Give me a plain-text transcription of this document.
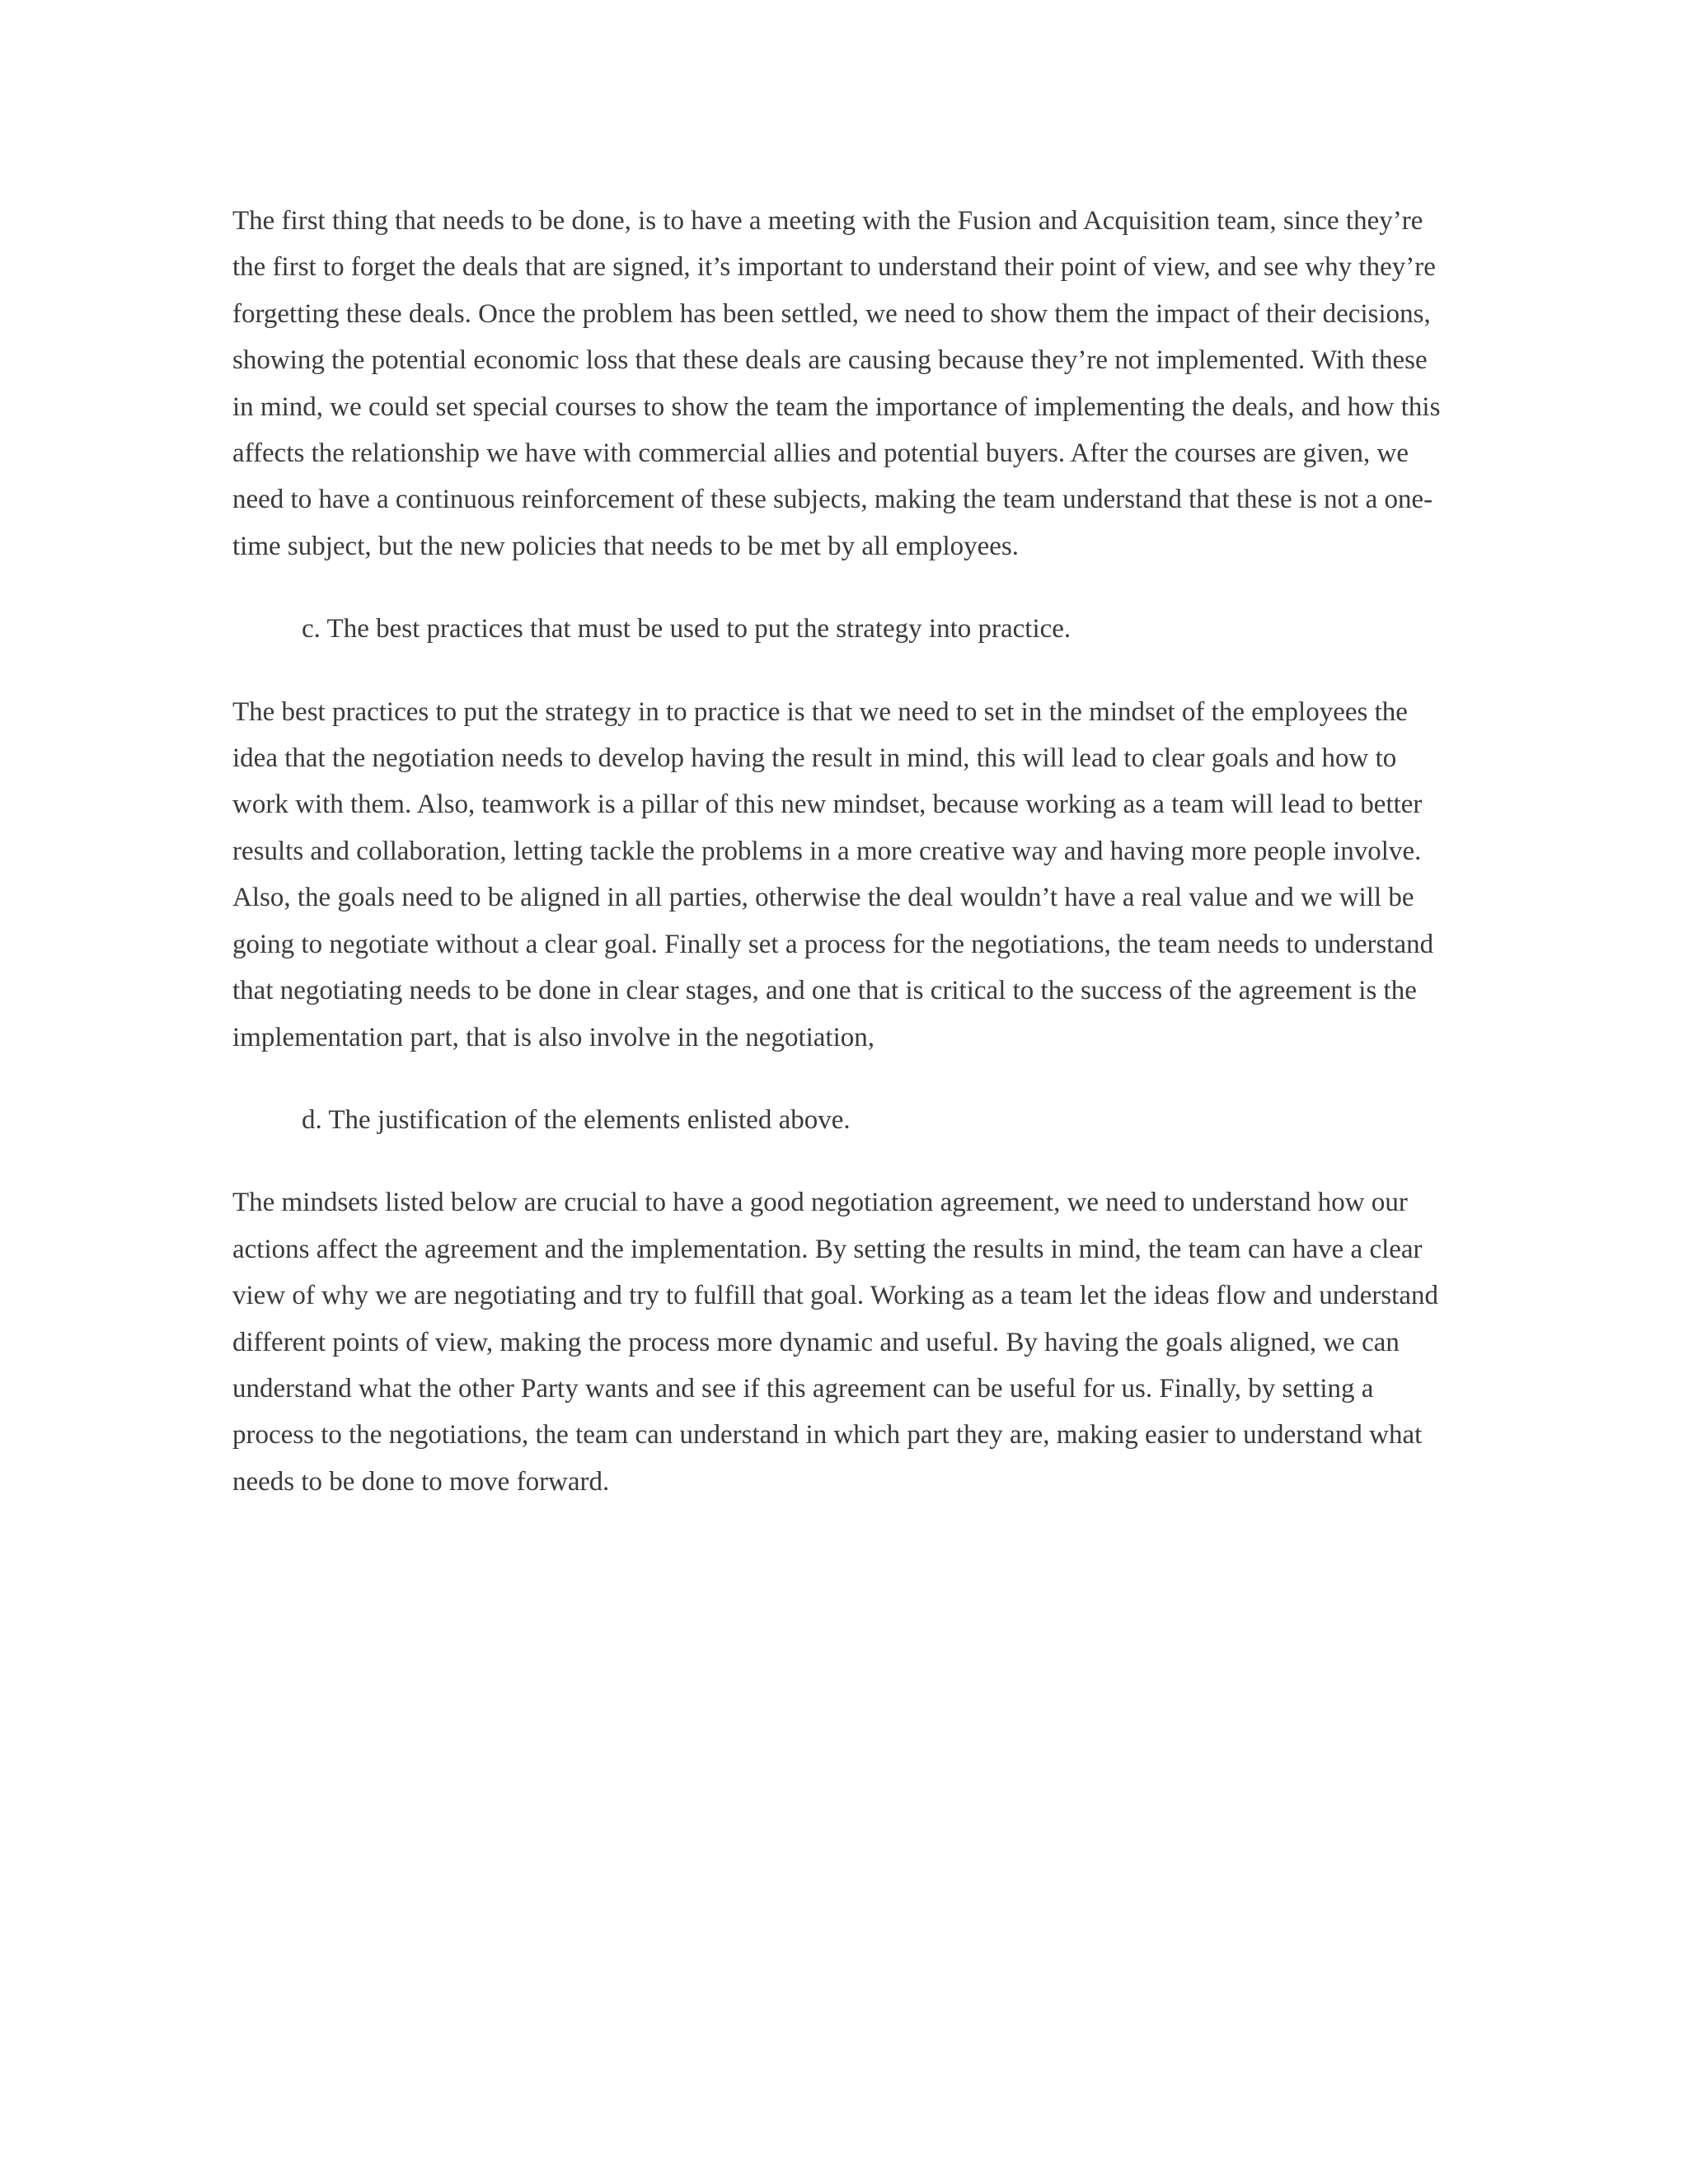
The first thing that needs to be done, is to have a meeting with the Fusion and Acquisition team, since they’re the first to forget the deals that are signed, it’s important to understand their point of view, and see why they’re forgetting these deals. Once the problem has been settled, we need to show them the impact of their decisions, showing the potential economic loss that these deals are causing because they’re not implemented. With these in mind, we could set special courses to show the team the importance of implementing the deals, and how this affects the relationship we have with commercial allies and potential buyers. After the courses are given, we need to have a continuous reinforcement of these subjects, making the team understand that these is not a one-time subject, but the new policies that needs to be met by all employees.

c. The best practices that must be used to put the strategy into practice.

The best practices to put the strategy in to practice is that we need to set in the mindset of the employees the idea that the negotiation needs to develop having the result in mind, this will lead to clear goals and how to work with them. Also, teamwork is a pillar of this new mindset, because working as a team will lead to better results and collaboration, letting tackle the problems in a more creative way and having more people involve. Also, the goals need to be aligned in all parties, otherwise the deal wouldn’t have a real value and we will be going to negotiate without a clear goal. Finally set a process for the negotiations, the team needs to understand that negotiating needs to be done in clear stages, and one that is critical to the success of the agreement is the implementation part, that is also involve in the negotiation,

d. The justification of the elements enlisted above.

The mindsets listed below are crucial to have a good negotiation agreement, we need to understand how our actions affect the agreement and the implementation. By setting the results in mind, the team can have a clear view of why we are negotiating and try to fulfill that goal. Working as a team let the ideas flow and understand different points of view, making the process more dynamic and useful. By having the goals aligned, we can understand what the other Party wants and see if this agreement can be useful for us. Finally, by setting a process to the negotiations, the team can understand in which part they are, making easier to understand what needs to be done to move forward.
